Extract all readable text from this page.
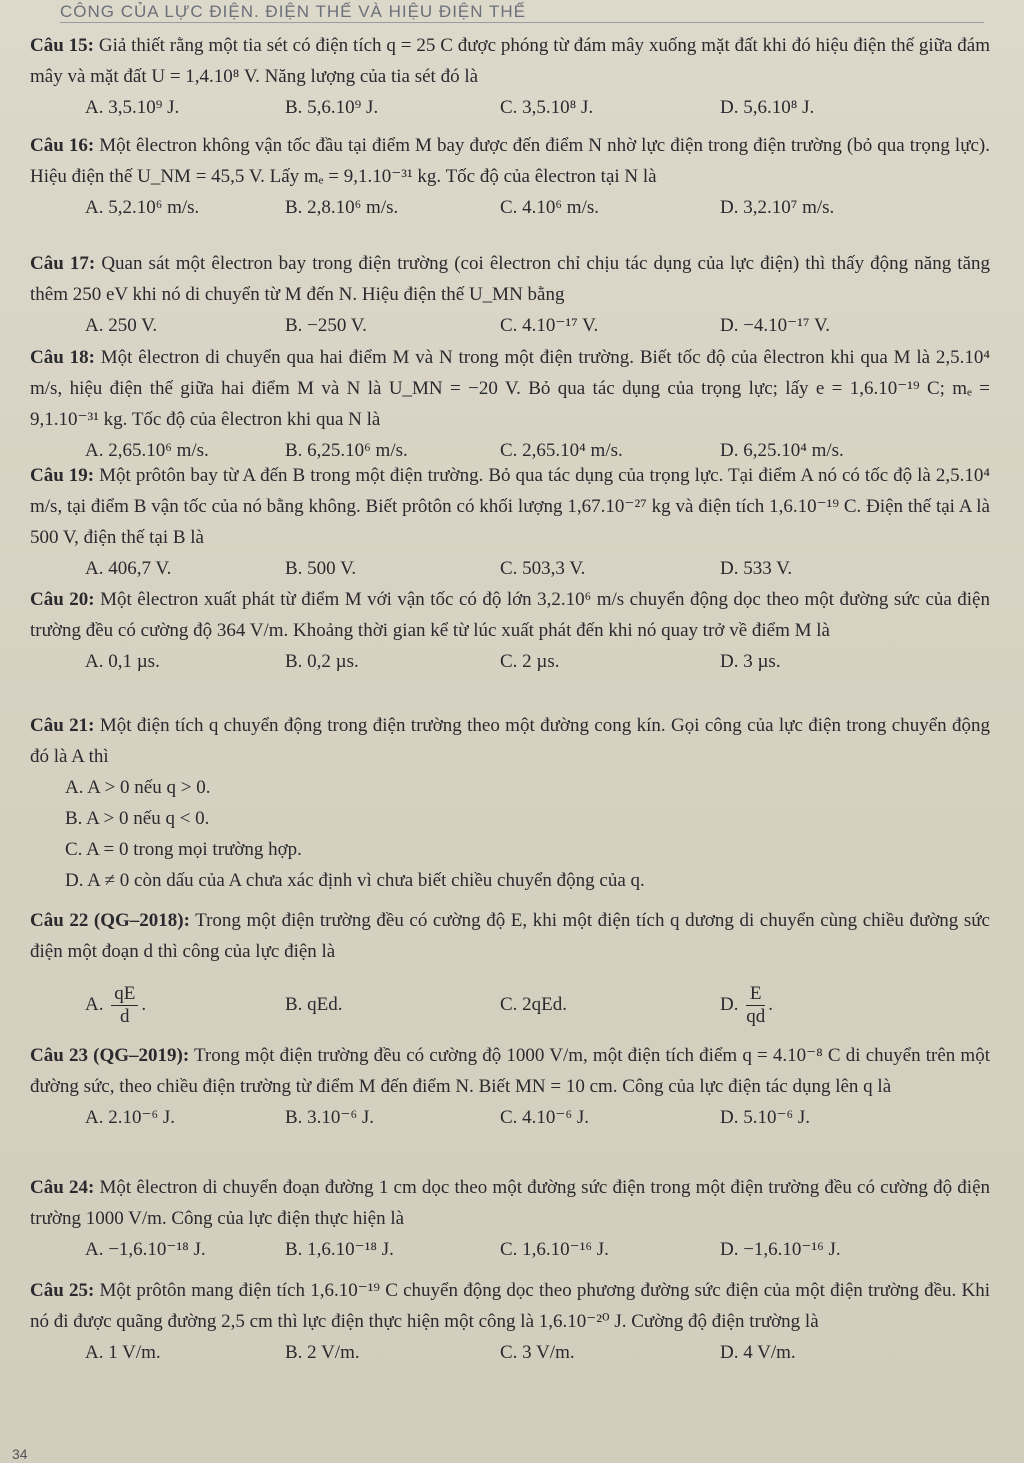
CÔNG CỦA LỰC ĐIỆN. ĐIỆN THẾ VÀ HIỆU ĐIỆN THẾ
Câu 15: Giả thiết rằng một tia sét có điện tích q = 25 C được phóng từ đám mây xuống mặt đất khi đó hiệu điện thế giữa đám mây và mặt đất U = 1,4.10⁸ V. Năng lượng của tia sét đó là
A. 3,5.10⁹ J.	B. 5,6.10⁹ J.	C. 3,5.10⁸ J.	D. 5,6.10⁸ J.
Câu 16: Một êlectron không vận tốc đầu tại điểm M bay được đến điểm N nhờ lực điện trong điện trường (bỏ qua trọng lực). Hiệu điện thế U_NM = 45,5 V. Lấy mₑ = 9,1.10⁻³¹ kg. Tốc độ của êlectron tại N là
A. 5,2.10⁶ m/s.	B. 2,8.10⁶ m/s.	C. 4.10⁶ m/s.	D. 3,2.10⁷ m/s.
Câu 17: Quan sát một êlectron bay trong điện trường (coi êlectron chỉ chịu tác dụng của lực điện) thì thấy động năng tăng thêm 250 eV khi nó di chuyển từ M đến N. Hiệu điện thế U_MN bằng
A. 250 V.	B. −250 V.	C. 4.10⁻¹⁷ V.	D. −4.10⁻¹⁷ V.
Câu 18: Một êlectron di chuyển qua hai điểm M và N trong một điện trường. Biết tốc độ của êlectron khi qua M là 2,5.10⁴ m/s, hiệu điện thế giữa hai điểm M và N là U_MN = −20 V. Bỏ qua tác dụng của trọng lực; lấy e = 1,6.10⁻¹⁹ C; mₑ = 9,1.10⁻³¹ kg. Tốc độ của êlectron khi qua N là
A. 2,65.10⁶ m/s.	B. 6,25.10⁶ m/s.	C. 2,65.10⁴ m/s.	D. 6,25.10⁴ m/s.
Câu 19: Một prôtôn bay từ A đến B trong một điện trường. Bỏ qua tác dụng của trọng lực. Tại điểm A nó có tốc độ là 2,5.10⁴ m/s, tại điểm B vận tốc của nó bằng không. Biết prôtôn có khối lượng 1,67.10⁻²⁷ kg và điện tích 1,6.10⁻¹⁹ C. Điện thế tại A là 500 V, điện thế tại B là
A. 406,7 V.	B. 500 V.	C. 503,3 V.	D. 533 V.
Câu 20: Một êlectron xuất phát từ điểm M với vận tốc có độ lớn 3,2.10⁶ m/s chuyển động dọc theo một đường sức của điện trường đều có cường độ 364 V/m. Khoảng thời gian kể từ lúc xuất phát đến khi nó quay trở về điểm M là
A. 0,1 µs.	B. 0,2 µs.	C. 2 µs.	D. 3 µs.
Câu 21: Một điện tích q chuyển động trong điện trường theo một đường cong kín. Gọi công của lực điện trong chuyển động đó là A thì
A. A > 0 nếu q > 0.
B. A > 0 nếu q < 0.
C. A = 0 trong mọi trường hợp.
D. A ≠ 0 còn dấu của A chưa xác định vì chưa biết chiều chuyển động của q.
Câu 22 (QG–2018): Trong một điện trường đều có cường độ E, khi một điện tích q dương di chuyển cùng chiều đường sức điện một đoạn d thì công của lực điện là
A. $\frac{qE}{d}$ .	B. qEd.	C. 2qEd.	D. $\frac{E}{qd}$ .
Câu 23 (QG–2019): Trong một điện trường đều có cường độ 1000 V/m, một điện tích điểm q = 4.10⁻⁸ C di chuyển trên một đường sức, theo chiều điện trường từ điểm M đến điểm N. Biết MN = 10 cm. Công của lực điện tác dụng lên q là
A. 2.10⁻⁶ J.	B. 3.10⁻⁶ J.	C. 4.10⁻⁶ J.	D. 5.10⁻⁶ J.
Câu 24: Một êlectron di chuyển đoạn đường 1 cm dọc theo một đường sức điện trong một điện trường đều có cường độ điện trường 1000 V/m. Công của lực điện thực hiện là
A. −1,6.10⁻¹⁸ J.	B. 1,6.10⁻¹⁸ J.	C. 1,6.10⁻¹⁶ J.	D. −1,6.10⁻¹⁶ J.
Câu 25: Một prôtôn mang điện tích 1,6.10⁻¹⁹ C chuyển động dọc theo phương đường sức điện của một điện trường đều. Khi nó đi được quãng đường 2,5 cm thì lực điện thực hiện một công là 1,6.10⁻²⁰ J. Cường độ điện trường là
A. 1 V/m.	B. 2 V/m.	C. 3 V/m.	D. 4 V/m.
34
